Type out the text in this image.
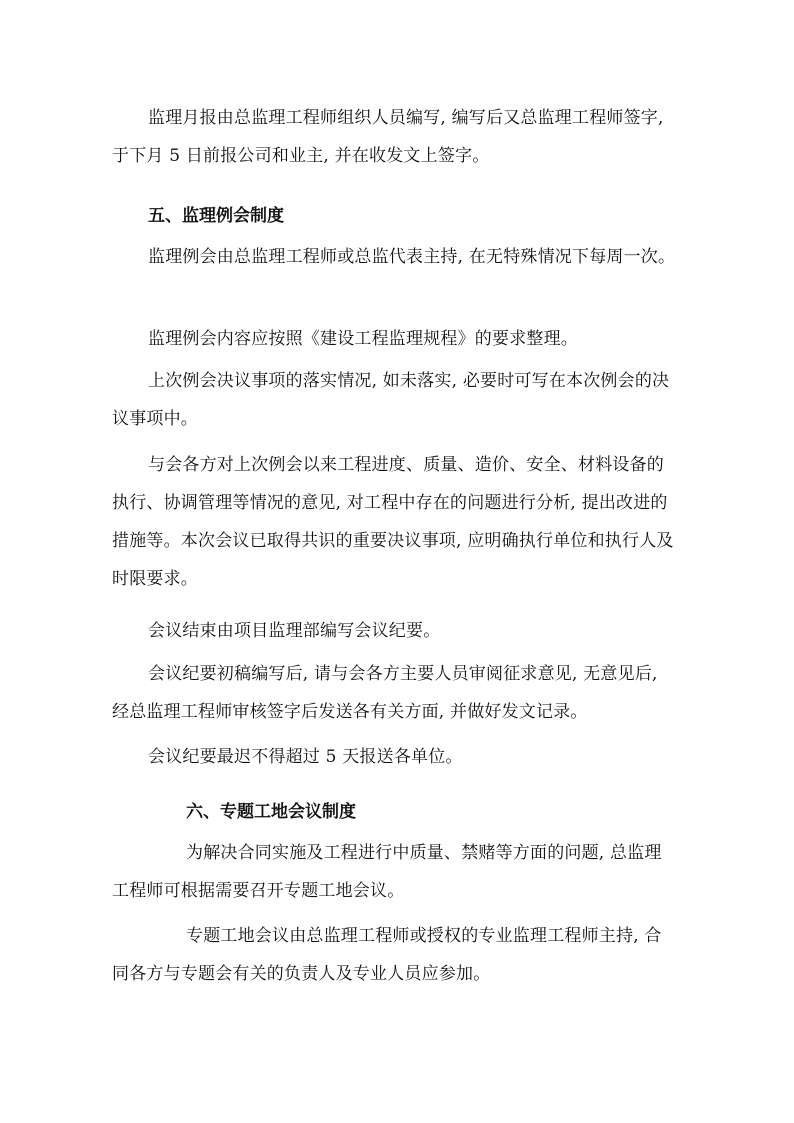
监理月报由总监理工程师组织人员编写, 编写后又总监理工程师签字, 于下月 5 日前报公司和业主, 并在收发文上签字。

五、监理例会制度

监理例会由总监理工程师或总监代表主持, 在无特殊情况下每周一次。

监理例会内容应按照《建设工程监理规程》的要求整理。

上次例会决议事项的落实情况, 如未落实, 必要时可写在本次例会的决议事项中。

与会各方对上次例会以来工程进度、质量、造价、安全、材料设备的执行、协调管理等情况的意见, 对工程中存在的问题进行分析, 提出改进的措施等。本次会议已取得共识的重要决议事项, 应明确执行单位和执行人及时限要求。

会议结束由项目监理部编写会议纪要。

会议纪要初稿编写后, 请与会各方主要人员审阅征求意见, 无意见后, 经总监理工程师审核签字后发送各有关方面, 并做好发文记录。

会议纪要最迟不得超过 5 天报送各单位。

六、专题工地会议制度

为解决合同实施及工程进行中质量、禁赌等方面的问题, 总监理工程师可根据需要召开专题工地会议。

专题工地会议由总监理工程师或授权的专业监理工程师主持, 合同各方与专题会有关的负责人及专业人员应参加。
